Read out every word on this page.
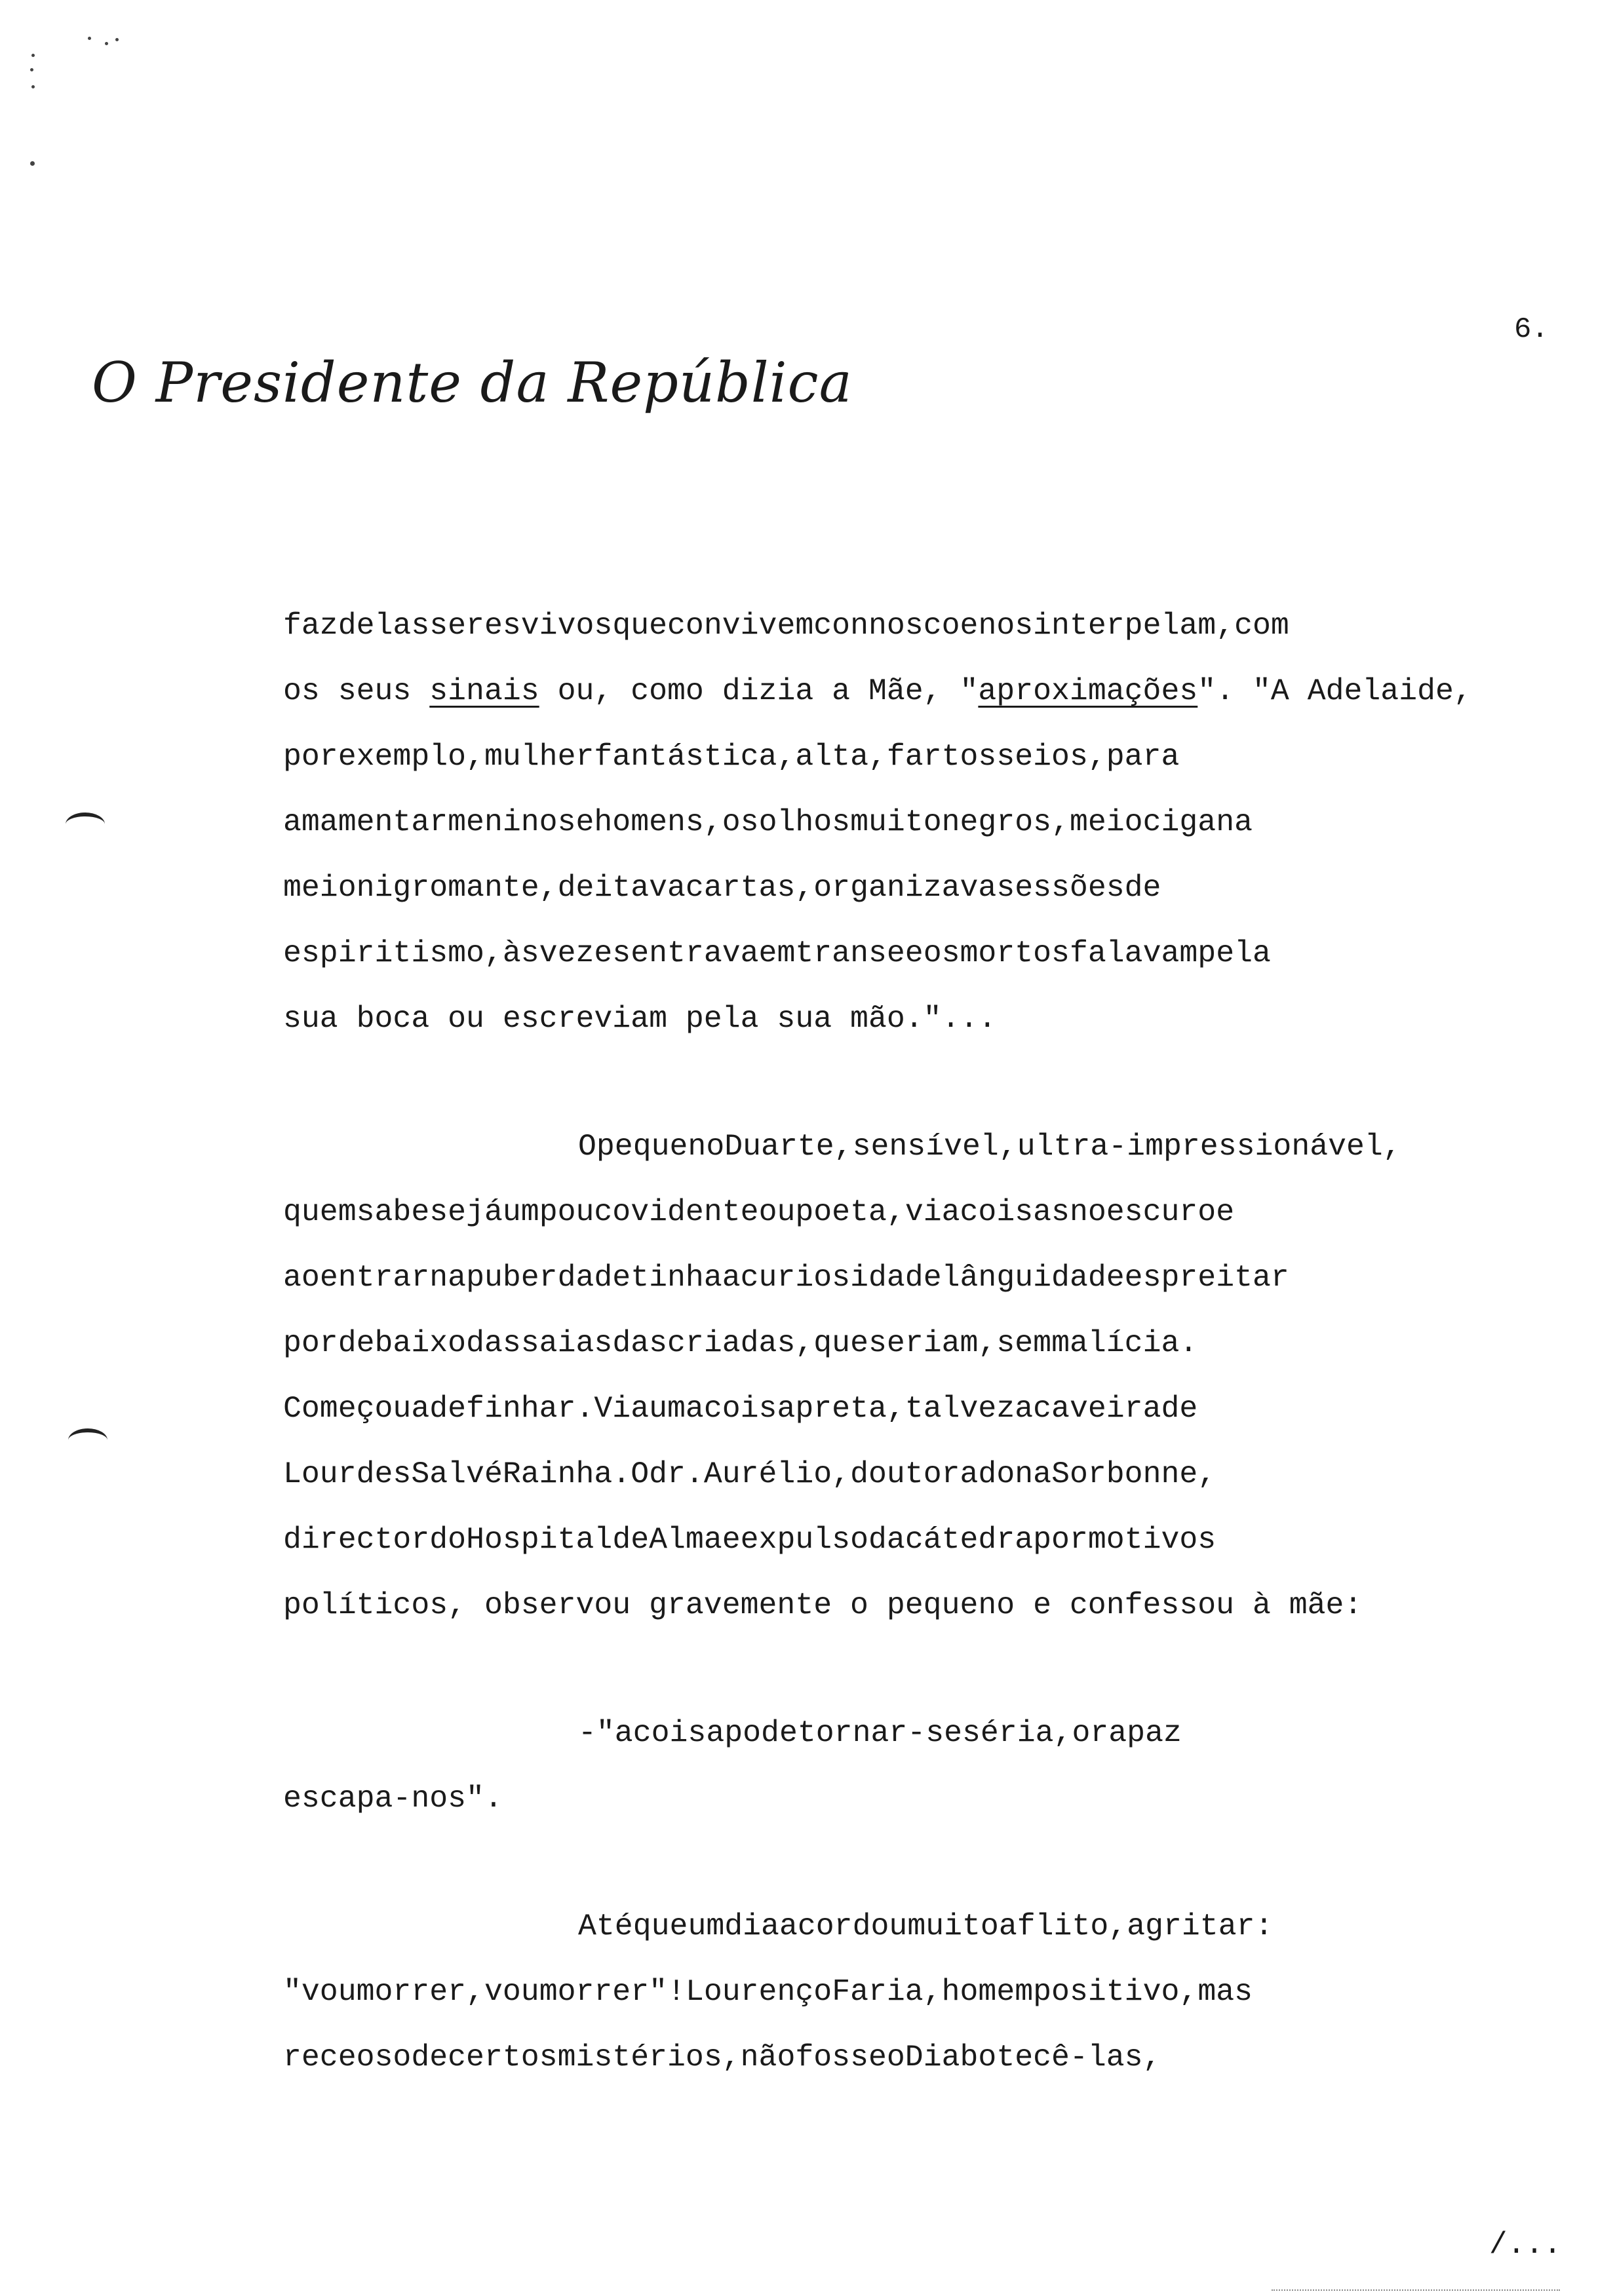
6.
O Presidente da República
fazdelasseresvivosqueconvivemconnoscoenosinterpelam,com
os seus sinais ou, como dizia a Mãe, "aproximações". "A Adelaide,
porexemplo,mulherfantástica,alta,fartosseios,para
amamentarmeninosehomens,osolhosmuitonegros,meiocigana
meionigromante,deitavacartas,organizavasessõesde
espiritismo,àsvezesentravaemtranseeosmortosfalavampela
sua boca ou escreviam pela sua mão."...
OpequenoDuarte,sensível,ultra-impressionável,
quemsabesejáumpoucovidenteoupoeta,viacoisasnoescuroe
aoentrarnapuberdadetinhaacuriosidadelânguidadeespreitar
pordebaixodassaiasdascriadas,queseriam,semmalícia.
Começouadefinhar.Viaumacoisapreta,talvezacaveirade
LourdesSalvéRainha.Odr.Aurélio,doutoradonaSorbonne,
directordoHospitaldeAlmaeexpulsodacátedrapormotivos
políticos, observou gravemente o pequeno e confessou à mãe:
-"acoisapodetornar-seséria,orapaz
escapa-nos".
Atéqueumdiaacordoumuitoaflito,agritar:
"voumorrer,voumorrer"!LourençoFaria,homempositivo,mas
receosodecertosmistérios,nãofosseoDiabotecê-las,
/...
